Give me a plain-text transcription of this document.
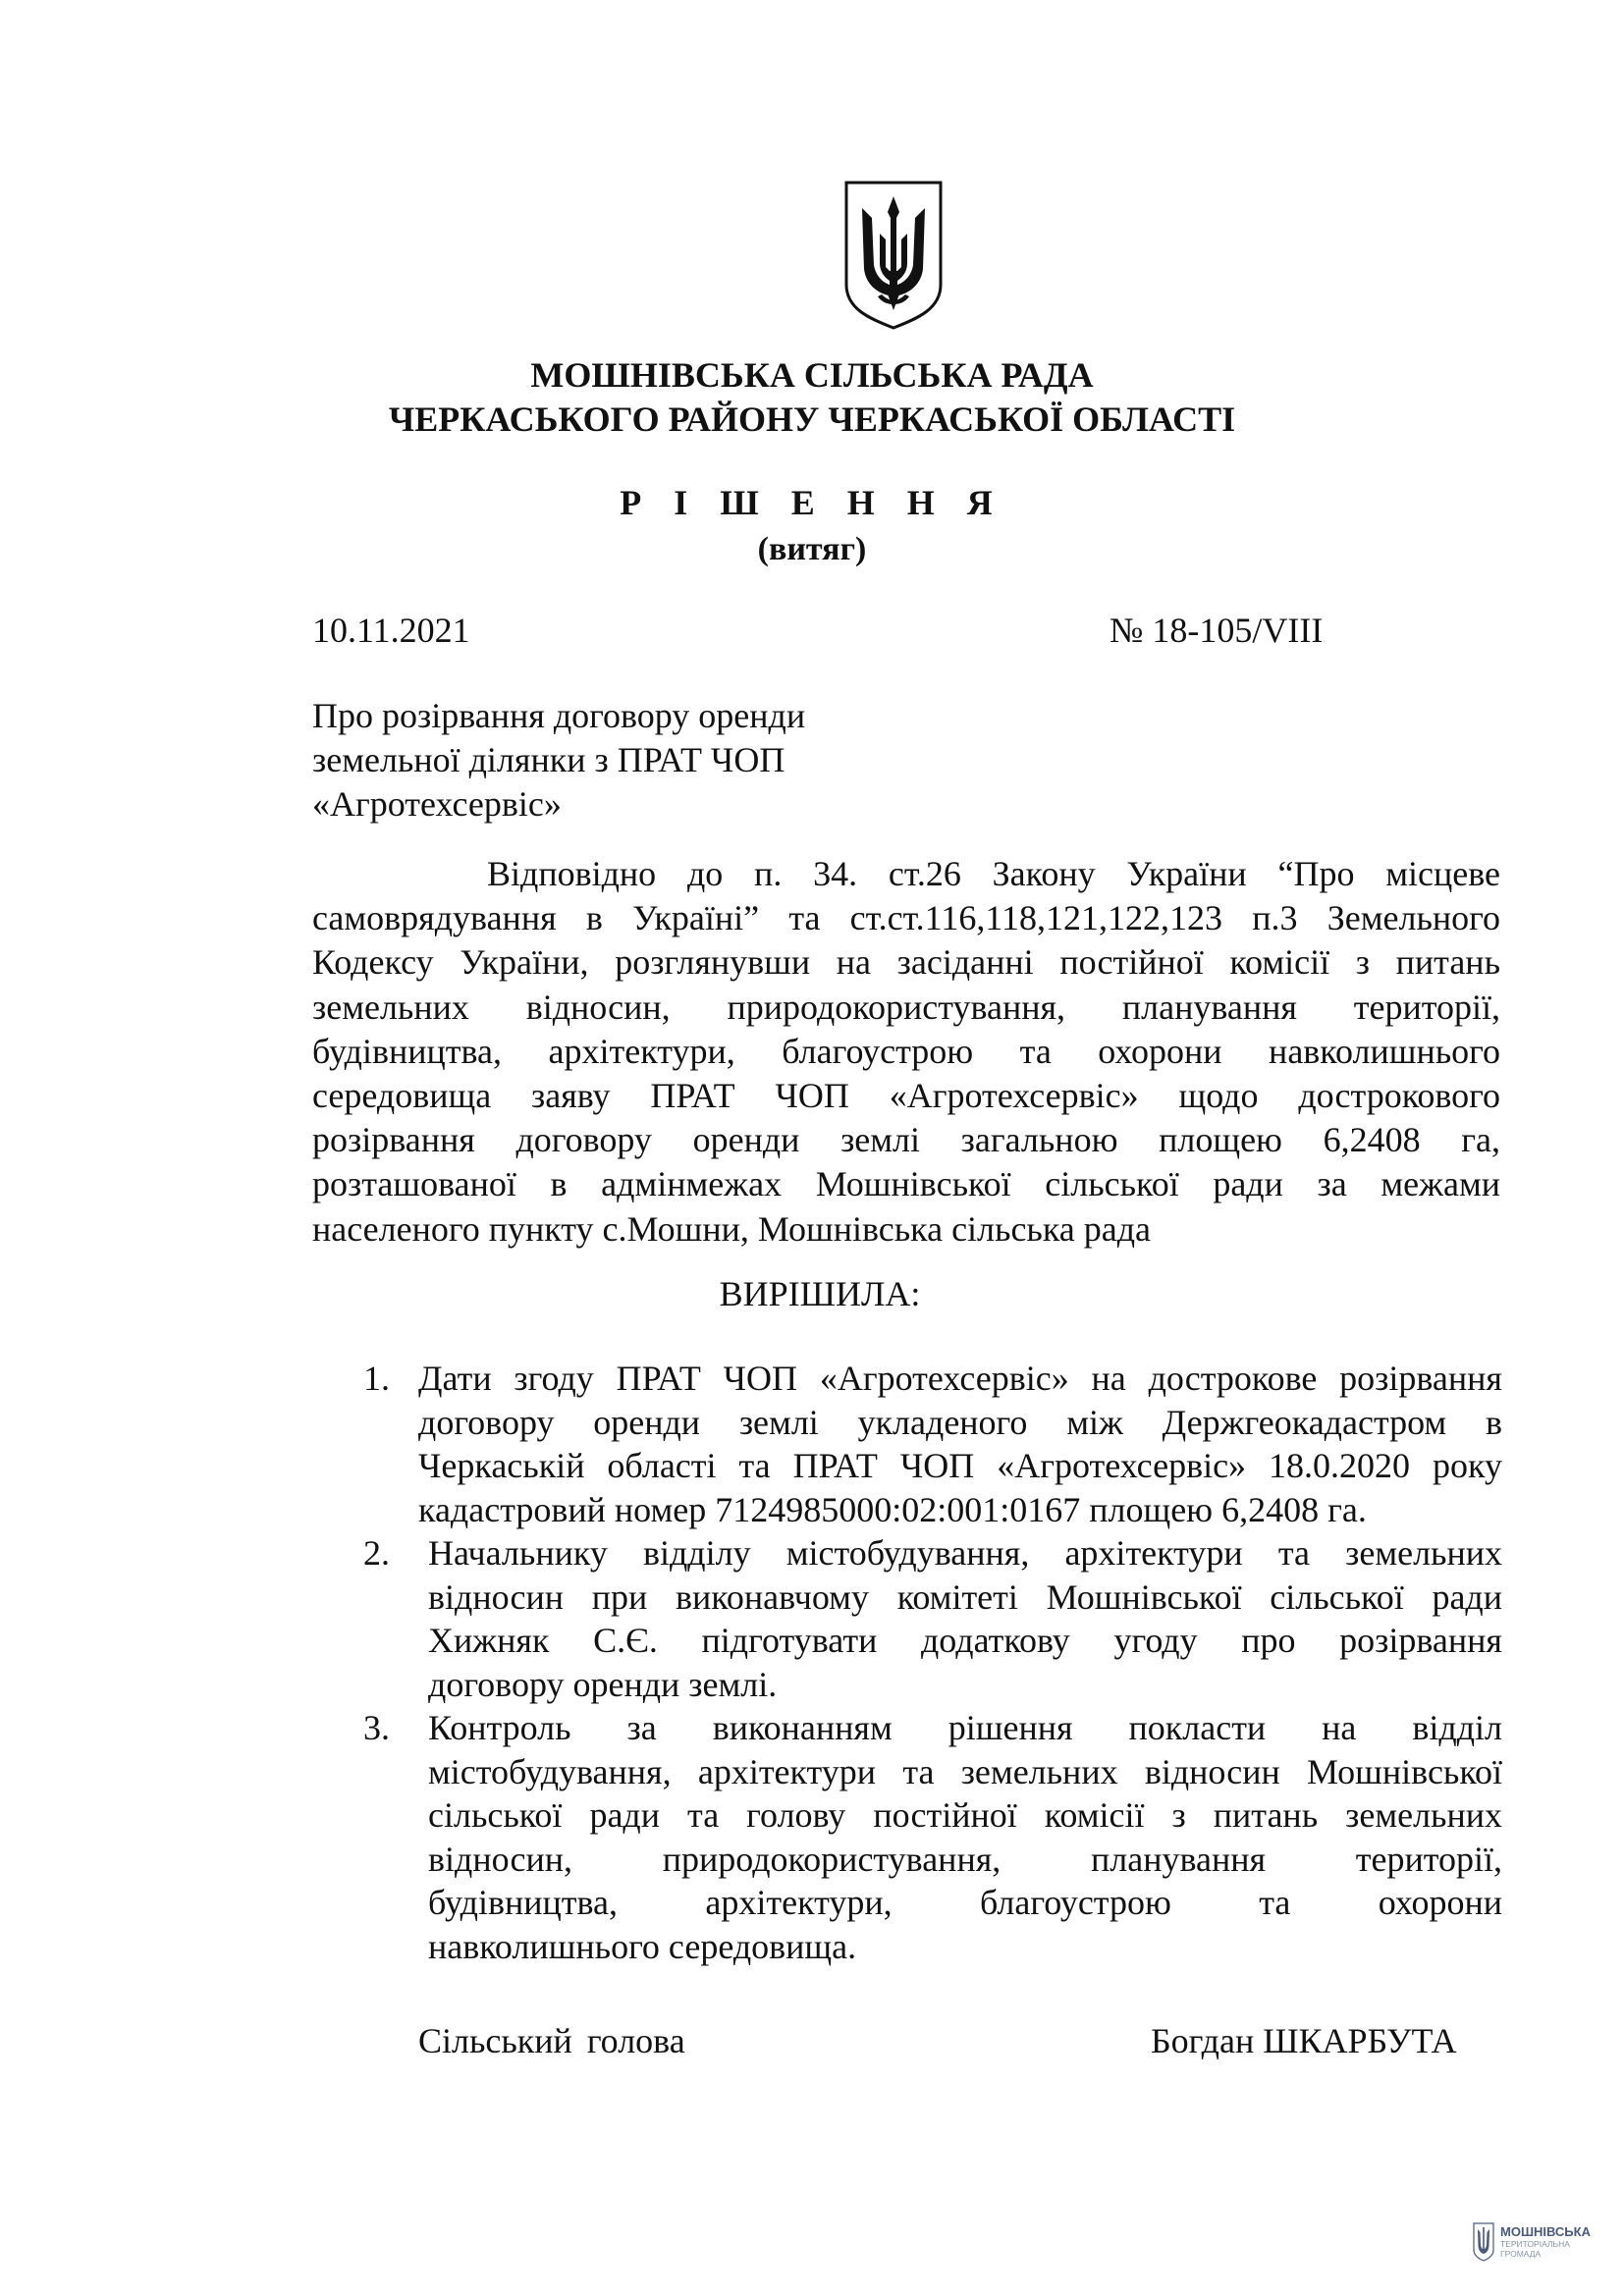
МОШНІВСЬКА СІЛЬСЬКА РАДА
ЧЕРКАСЬКОГО РАЙОНУ ЧЕРКАСЬКОЇ ОБЛАСТІ
Р І Ш Е Н Н Я
(витяг)
10.11.2021	№ 18-105/VIII
Про розірвання договору оренди
земельної ділянки з ПРАТ ЧОП
«Агротехсервіс»
Відповідно до п. 34. ст.26 Закону України “Про місцеве
самоврядування в Україні” та ст.ст.116,118,121,122,123 п.3 Земельного
Кодексу України, розглянувши на засіданні постійної комісії з питань
земельних відносин, природокористування, планування території,
будівництва, архітектури, благоустрою та охорони навколишнього
середовища заяву ПРАТ ЧОП «Агротехсервіс» щодо дострокового
розірвання договору оренди землі загальною площею 6,2408 га,
розташованої в адмінмежах Мошнівської сільської ради за межами
населеного пункту с.Мошни, Мошнівська сільська рада
ВИРІШИЛА:
1. Дати згоду ПРАТ ЧОП «Агротехсервіс» на дострокове розірвання
договору оренди землі укладеного між Держгеокадастром в
Черкаській області та ПРАТ ЧОП «Агротехсервіс» 18.0.2020 року
кадастровий номер 7124985000:02:001:0167 площею 6,2408 га.
2. Начальнику відділу містобудування, архітектури та земельних
відносин при виконавчому комітеті Мошнівської сільської ради
Хижняк С.Є. підготувати додаткову угоду про розірвання
договору оренди землі.
3. Контроль за виконанням рішення покласти на відділ
містобудування, архітектури та земельних відносин Мошнівської
сільської ради та голову постійної комісії з питань земельних
відносин, природокористування, планування території,
будівництва, архітектури, благоустрою та охорони
навколишнього середовища.
Сільський голова	Богдан ШКАРБУТА
МОШНІВСЬКА
ТЕРИТОРІАЛЬНА
ГРОМАДА
